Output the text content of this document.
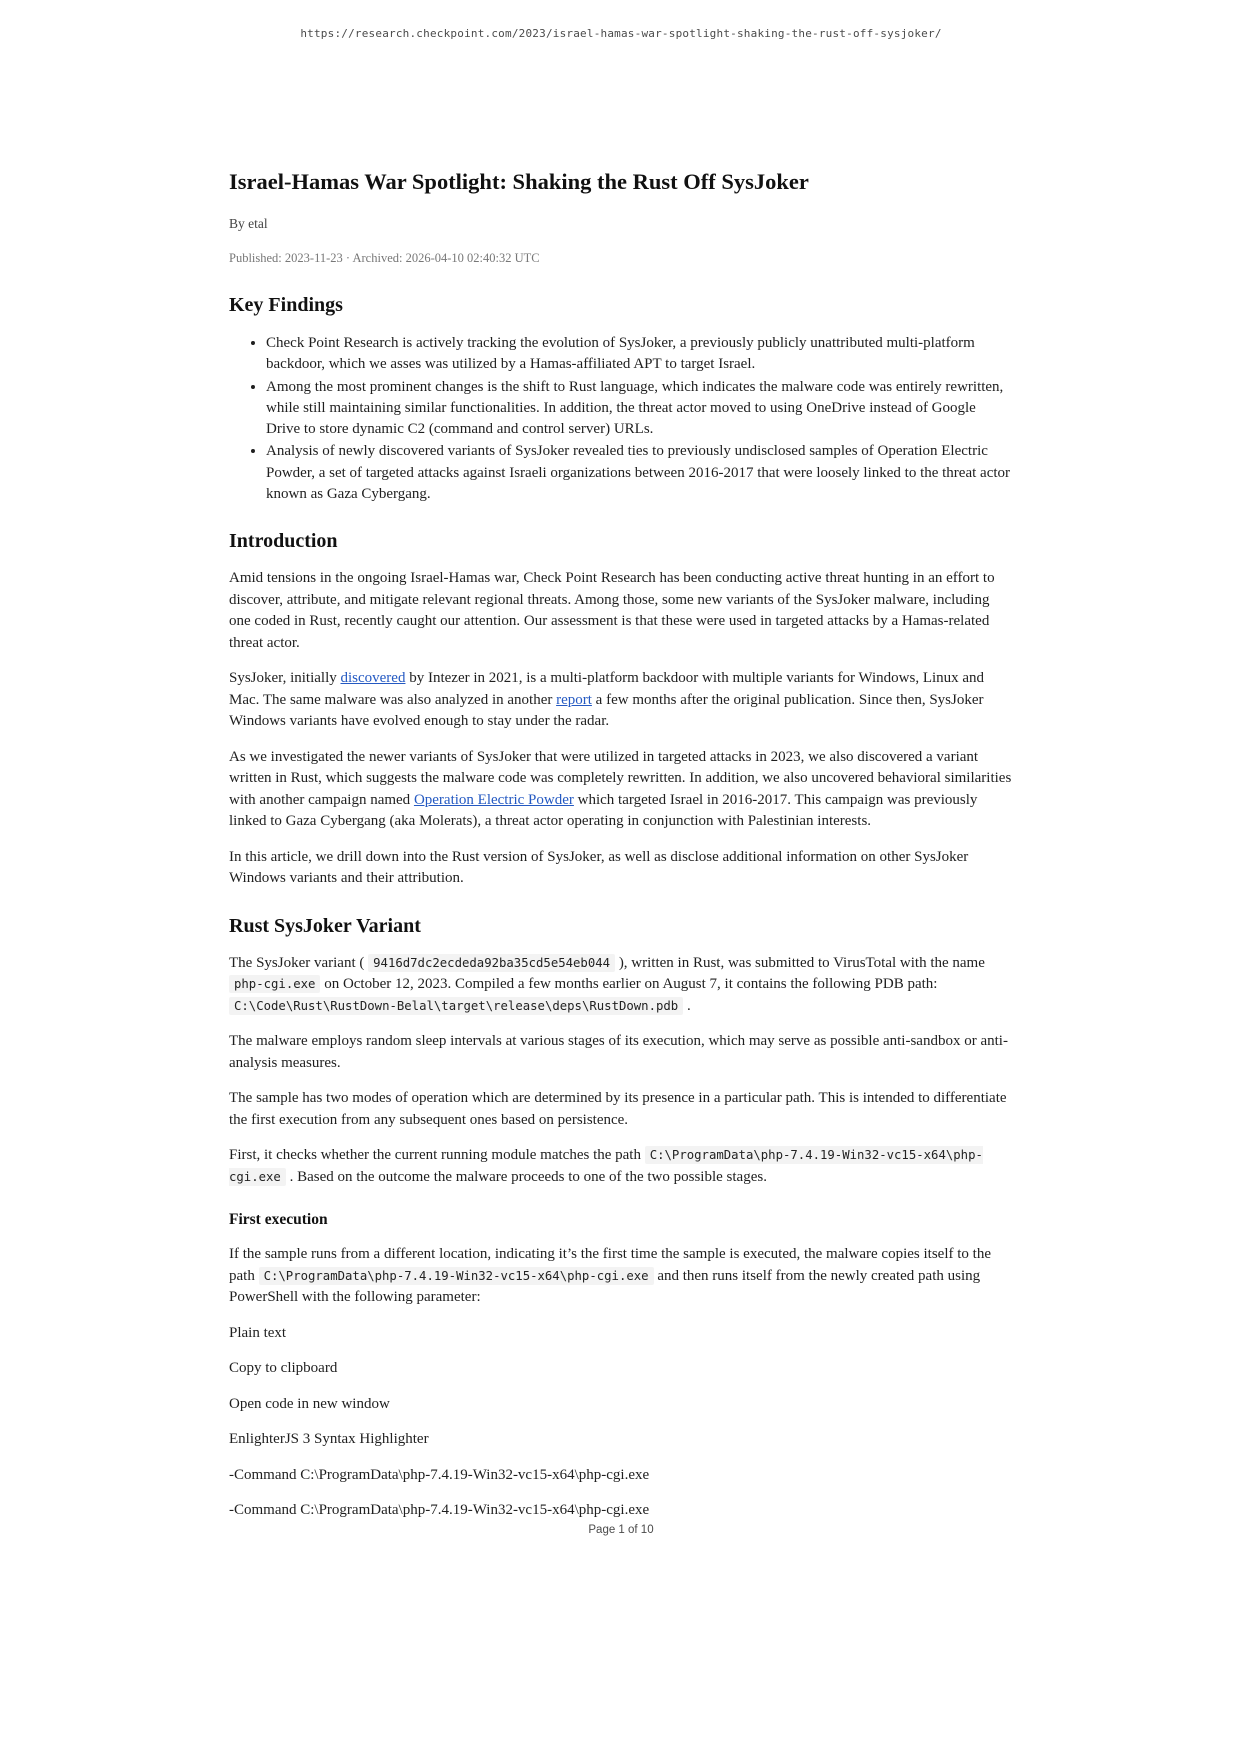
https://research.checkpoint.com/2023/israel-hamas-war-spotlight-shaking-the-rust-off-sysjoker/
Israel-Hamas War Spotlight: Shaking the Rust Off SysJoker

By etal

Published: 2023-11-23 · Archived: 2026-04-10 02:40:32 UTC

Key Findings
• Check Point Research is actively tracking the evolution of SysJoker, a previously publicly unattributed multi-platform backdoor, which we asses was utilized by a Hamas-affiliated APT to target Israel.
• Among the most prominent changes is the shift to Rust language, which indicates the malware code was entirely rewritten, while still maintaining similar functionalities. In addition, the threat actor moved to using OneDrive instead of Google Drive to store dynamic C2 (command and control server) URLs.
• Analysis of newly discovered variants of SysJoker revealed ties to previously undisclosed samples of Operation Electric Powder, a set of targeted attacks against Israeli organizations between 2016-2017 that were loosely linked to the threat actor known as Gaza Cybergang.
Introduction

Amid tensions in the ongoing Israel-Hamas war, Check Point Research has been conducting active threat hunting in an effort to discover, attribute, and mitigate relevant regional threats. Among those, some new variants of the SysJoker malware, including one coded in Rust, recently caught our attention. Our assessment is that these were used in targeted attacks by a Hamas-related threat actor.

SysJoker, initially discovered by Intezer in 2021, is a multi-platform backdoor with multiple variants for Windows, Linux and Mac. The same malware was also analyzed in another report a few months after the original publication. Since then, SysJoker Windows variants have evolved enough to stay under the radar.

As we investigated the newer variants of SysJoker that were utilized in targeted attacks in 2023, we also discovered a variant written in Rust, which suggests the malware code was completely rewritten. In addition, we also uncovered behavioral similarities with another campaign named Operation Electric Powder which targeted Israel in 2016-2017. This campaign was previously linked to Gaza Cybergang (aka Molerats), a threat actor operating in conjunction with Palestinian interests.

In this article, we drill down into the Rust version of SysJoker, as well as disclose additional information on other SysJoker Windows variants and their attribution.

Rust SysJoker Variant

The SysJoker variant ( 9416d7dc2ecdeda92ba35cd5e54eb044 ), written in Rust, was submitted to VirusTotal with the name php-cgi.exe on October 12, 2023. Compiled a few months earlier on August 7, it contains the following PDB path: C:\Code\Rust\RustDown-Belal\target\release\deps\RustDown.pdb .

The malware employs random sleep intervals at various stages of its execution, which may serve as possible anti-sandbox or anti-analysis measures.

The sample has two modes of operation which are determined by its presence in a particular path. This is intended to differentiate the first execution from any subsequent ones based on persistence.

First, it checks whether the current running module matches the path C:\ProgramData\php-7.4.19-Win32-vc15-x64\php-cgi.exe . Based on the outcome the malware proceeds to one of the two possible stages.

First execution

If the sample runs from a different location, indicating it’s the first time the sample is executed, the malware copies itself to the path C:\ProgramData\php-7.4.19-Win32-vc15-x64\php-cgi.exe and then runs itself from the newly created path using PowerShell with the following parameter:

Plain text

Copy to clipboard

Open code in new window

EnlighterJS 3 Syntax Highlighter

-Command C:\ProgramData\php-7.4.19-Win32-vc15-x64\php-cgi.exe

-Command C:\ProgramData\php-7.4.19-Win32-vc15-x64\php-cgi.exe

Page 1 of 10
